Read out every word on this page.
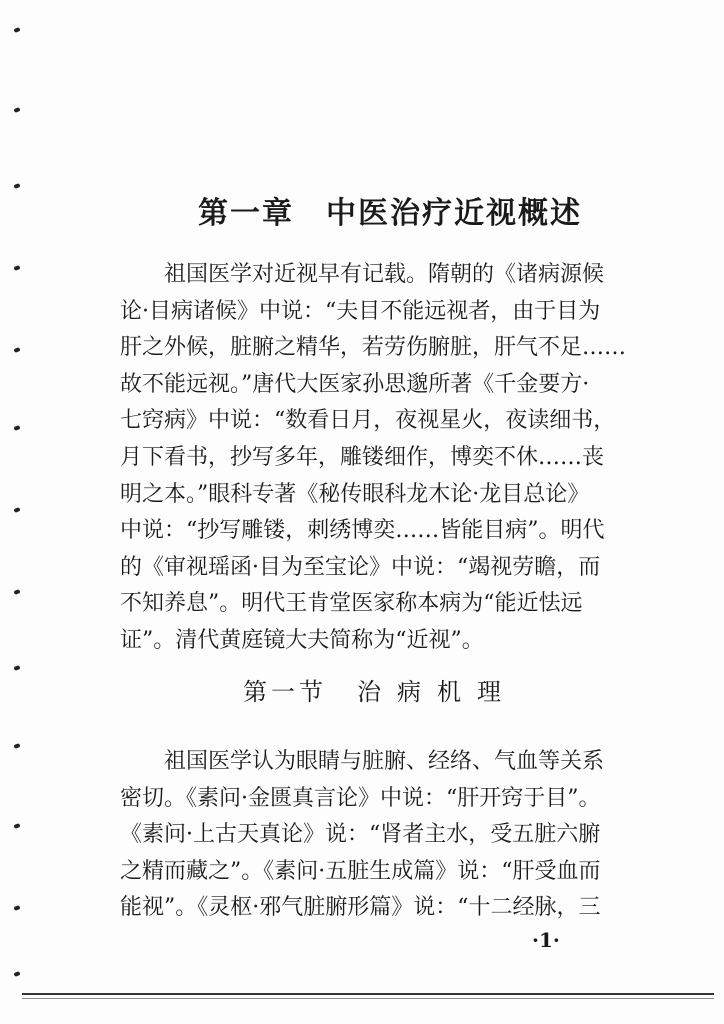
第一章 中医治疗近视概述
祖国医学对近视早有记载。隋朝的《诸病源候
论·目病诸候》中说：“夫目不能远视者，由于目为
肝之外候，脏腑之精华，若劳伤腑脏，肝气不足……
故不能远视。”唐代大医家孙思邈所著《千金要方·
七窍病》中说：“数看日月，夜视星火，夜读细书，
月下看书，抄写多年，雕镂细作，博奕不休……丧
明之本。”眼科专著《秘传眼科龙木论·龙目总论》
中说：“抄写雕镂，刺绣博奕……皆能目病”。明代
的《审视瑶函·目为至宝论》中说：“竭视劳瞻，而
不知养息”。明代王肯堂医家称本病为“能近怯远
证”。清代黄庭镜大夫简称为“近视”。
第一节 治病机理
祖国医学认为眼睛与脏腑、经络、气血等关系
密切。《素问·金匮真言论》中说：“肝开窍于目”。
《素问·上古天真论》说：“肾者主水，受五脏六腑
之精而藏之”。《素问·五脏生成篇》说：“肝受血而
能视”。《灵枢·邪气脏腑形篇》说：“十二经脉，三
·1·
